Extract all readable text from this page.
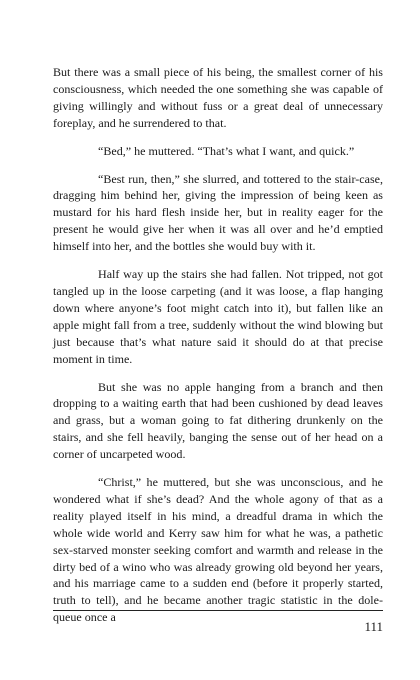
But there was a small piece of his being, the smallest corner of his consciousness, which needed the one something she was capable of giving willingly and without fuss or a great deal of unnecessary foreplay, and he surrendered to that.

“Bed,” he muttered. “That’s what I want, and quick.”

“Best run, then,” she slurred, and tottered to the stair-case, dragging him behind her, giving the impression of being keen as mustard for his hard flesh inside her, but in reality eager for the present he would give her when it was all over and he’d emptied himself into her, and the bottles she would buy with it.

Half way up the stairs she had fallen. Not tripped, not got tangled up in the loose carpeting (and it was loose, a flap hanging down where anyone’s foot might catch into it), but fallen like an apple might fall from a tree, suddenly without the wind blowing but just because that’s what nature said it should do at that precise moment in time.

But she was no apple hanging from a branch and then dropping to a waiting earth that had been cushioned by dead leaves and grass, but a woman going to fat dithering drunkenly on the stairs, and she fell heavily, banging the sense out of her head on a corner of uncarpeted wood.

“Christ,” he muttered, but she was unconscious, and he wondered what if she’s dead? And the whole agony of that as a reality played itself in his mind, a dreadful drama in which the whole wide world and Kerry saw him for what he was, a pathetic sex-starved monster seeking comfort and warmth and release in the dirty bed of a wino who was already growing old beyond her years, and his marriage came to a sudden end (before it properly started, truth to tell), and he became another tragic statistic in the dole-queue once a

111
